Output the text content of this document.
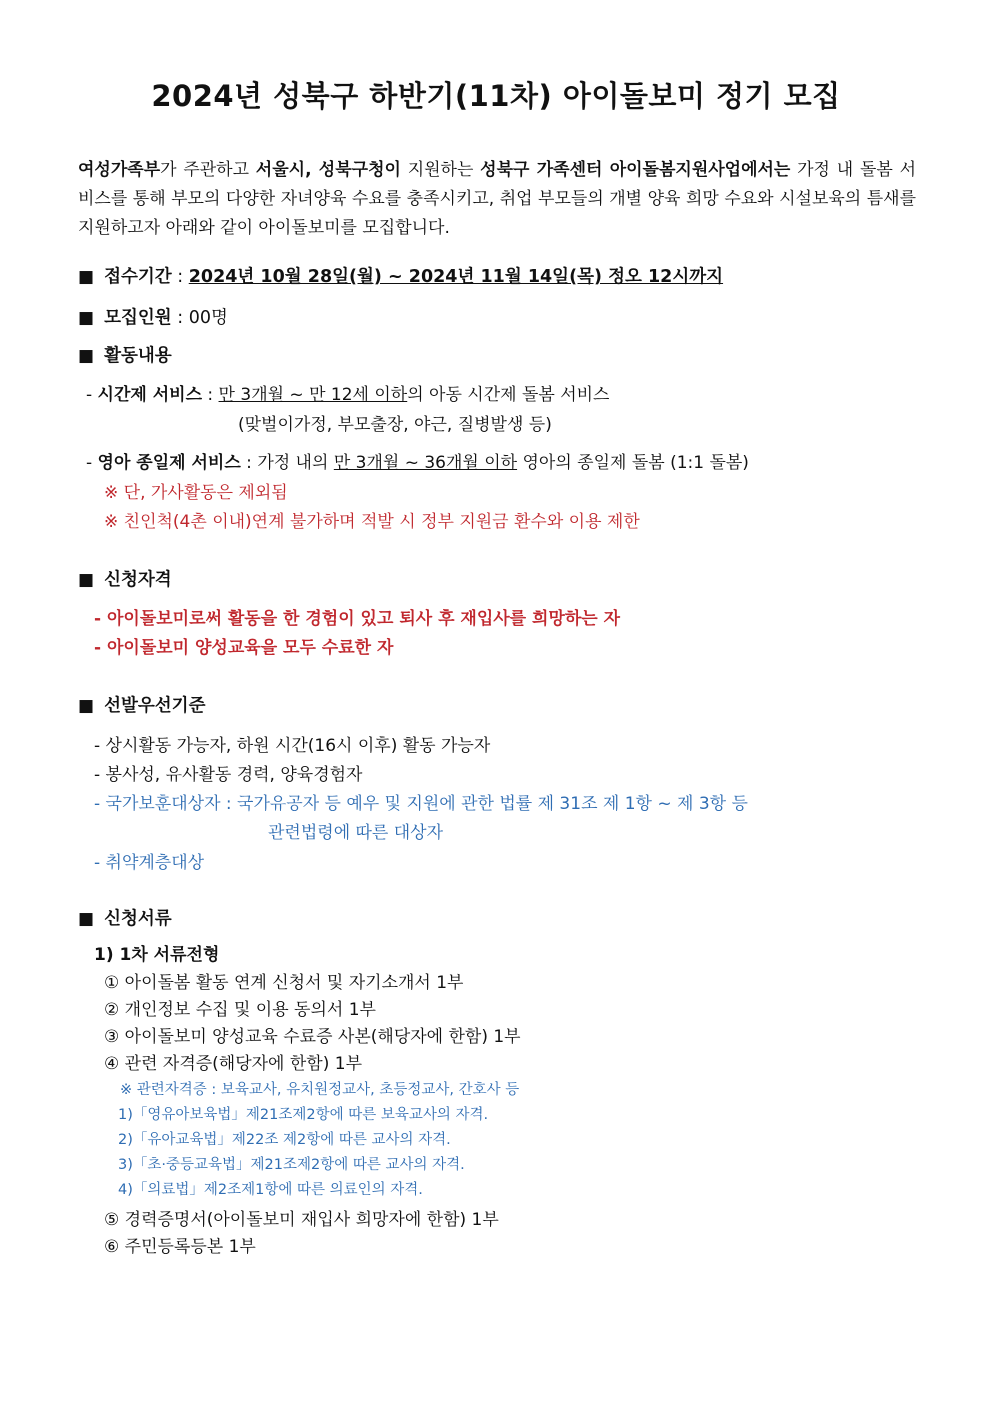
2024년 성북구 하반기(11차) 아이돌보미 정기 모집
여성가족부가 주관하고 서울시, 성북구청이 지원하는 성북구 가족센터 아이돌봄지원사업에서는 가정 내 돌봄 서비스를 통해 부모의 다양한 자녀양육 수요를 충족시키고, 취업 부모들의 개별 양육 희망 수요와 시설보육의 틈새를 지원하고자 아래와 같이 아이돌보미를 모집합니다.
■ 접수기간 : 2024년 10월 28일(월) ~ 2024년 11월 14일(목) 정오 12시까지
■ 모집인원 : 00명
■ 활동내용
- 시간제 서비스 : 만 3개월 ~ 만 12세 이하의 아동 시간제 돌봄 서비스
(맞벌이가정, 부모출장, 야근, 질병발생 등)
- 영아 종일제 서비스 : 가정 내의 만 3개월 ~ 36개월 이하 영아의 종일제 돌봄 (1:1 돌봄)
※ 단, 가사활동은 제외됨
※ 친인척(4촌 이내)연계 불가하며 적발 시 정부 지원금 환수와 이용 제한
■ 신청자격
- 아이돌보미로써 활동을 한 경험이 있고 퇴사 후 재입사를 희망하는 자
- 아이돌보미 양성교육을 모두 수료한 자
■ 선발우선기준
- 상시활동 가능자, 하원 시간(16시 이후) 활동 가능자
- 봉사성, 유사활동 경력, 양육경험자
- 국가보훈대상자 : 국가유공자 등 예우 및 지원에 관한 법률 제 31조 제 1항 ~ 제 3항 등
관련법령에 따른 대상자
- 취약계층대상
■ 신청서류
1) 1차 서류전형
① 아이돌봄 활동 연계 신청서 및 자기소개서 1부
② 개인정보 수집 및 이용 동의서 1부
③ 아이돌보미 양성교육 수료증 사본(해당자에 한함) 1부
④ 관련 자격증(해당자에 한함) 1부
※ 관련자격증 : 보육교사, 유치원정교사, 초등정교사, 간호사 등
1)「영유아보육법」제21조제2항에 따른 보육교사의 자격.
2)「유아교육법」제22조 제2항에 따른 교사의 자격.
3)「초·중등교육법」제21조제2항에 따른 교사의 자격.
4)「의료법」제2조제1항에 따른 의료인의 자격.
⑤ 경력증명서(아이돌보미 재입사 희망자에 한함) 1부
⑥ 주민등록등본 1부
